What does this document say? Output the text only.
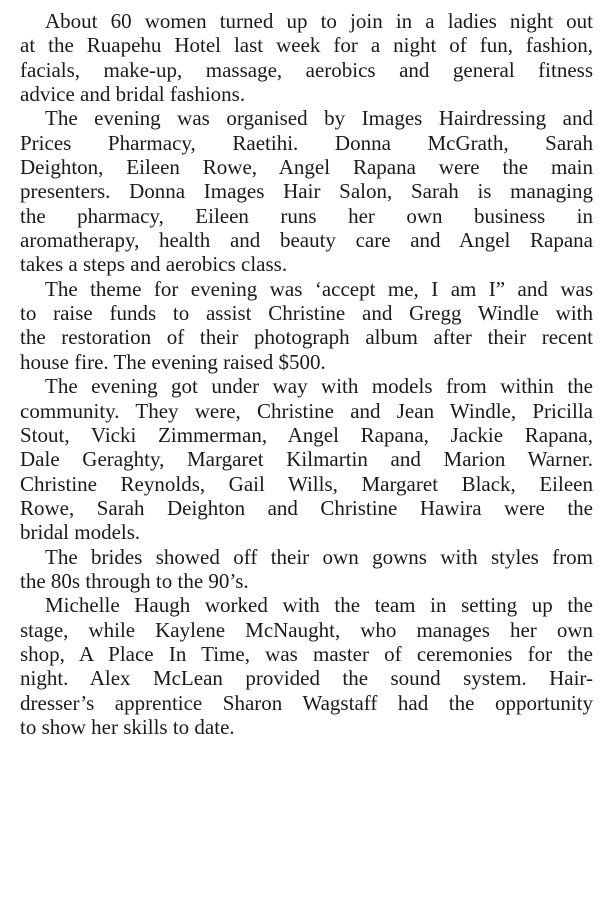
About 60 women turned up to join in a ladies night out
at the Ruapehu Hotel last week for a night of fun, fashion,
facials, make-up, massage, aerobics and general fitness
advice and bridal fashions.

The evening was organised by Images Hairdressing and
Prices Pharmacy, Raetihi. Donna McGrath, Sarah
Deighton, Eileen Rowe, Angel Rapana were the main
presenters. Donna Images Hair Salon, Sarah is managing
the pharmacy, Eileen runs her own business in
aromatherapy, health and beauty care and Angel Rapana
takes a steps and aerobics class.

The theme for evening was ‘accept me, I am I” and was
to raise funds to assist Christine and Gregg Windle with
the restoration of their photograph album after their recent
house fire. The evening raised $500.

The evening got under way with models from within the
community. They were, Christine and Jean Windle, Pricilla
Stout, Vicki Zimmerman, Angel Rapana, Jackie Rapana,
Dale Geraghty, Margaret Kilmartin and Marion Warner.
Christine Reynolds, Gail Wills, Margaret Black, Eileen
Rowe, Sarah Deighton and Christine Hawira were the
bridal models.

The brides showed off their own gowns with styles from
the 80s through to the 90’s.

Michelle Haugh worked with the team in setting up the
stage, while Kaylene McNaught, who manages her own
shop, A Place In Time, was master of ceremonies for the
night. Alex McLean provided the sound system. Hair-
dresser’s apprentice Sharon Wagstaff had the opportunity
to show her skills to date.
